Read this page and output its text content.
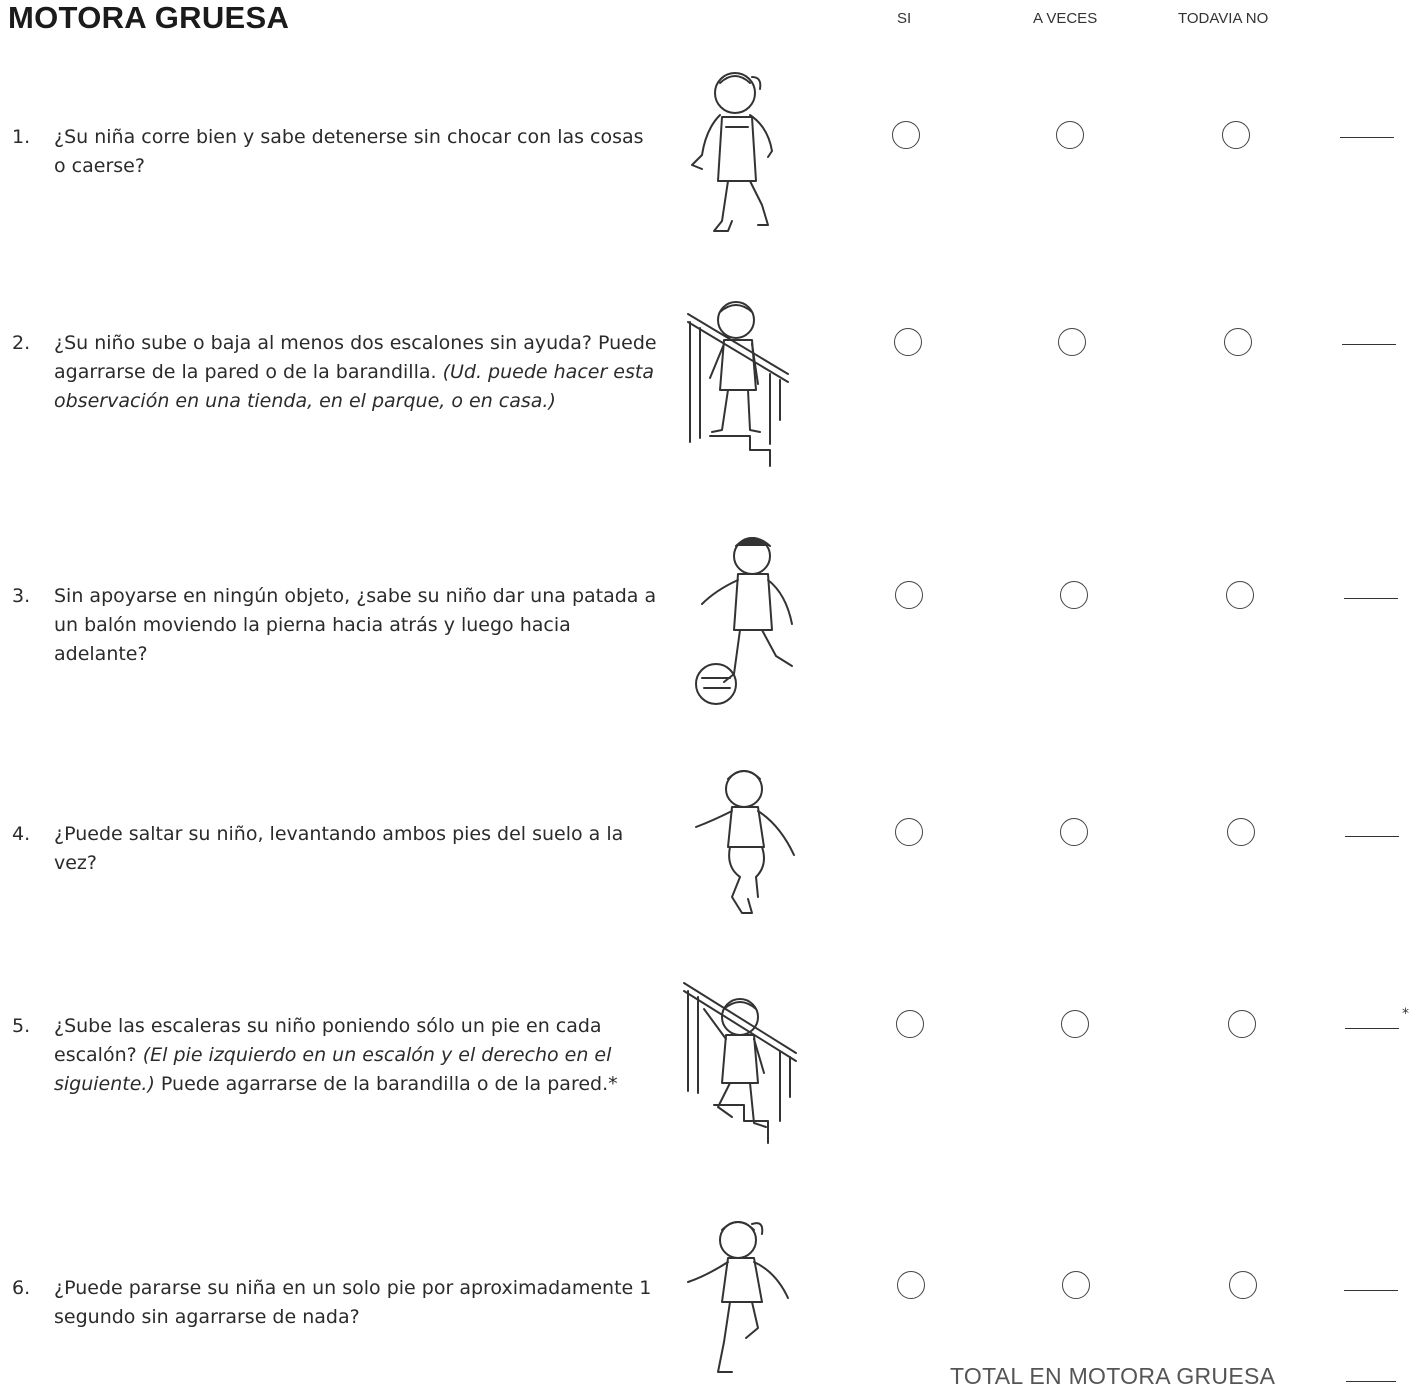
MOTORA GRUESA	SI	A VECES	TODAVIA NO
1. ¿Su niña corre bien y sabe detenerse sin chocar con las cosas o caerse?
2. ¿Su niño sube o baja al menos dos escalones sin ayuda? Puede agarrarse de la pared o de la barandilla. (Ud. puede hacer esta observación en una tienda, en el parque, o en casa.)
3. Sin apoyarse en ningún objeto, ¿sabe su niño dar una patada a un balón moviendo la pierna hacia atrás y luego hacia adelante?
4. ¿Puede saltar su niño, levantando ambos pies del suelo a la vez?
5. ¿Sube las escaleras su niño poniendo sólo un pie en cada escalón? (El pie izquierdo en un escalón y el derecho en el siguiente.) Puede agarrarse de la barandilla o de la pared.*
*
6. ¿Puede pararse su niña en un solo pie por aproximadamente 1 segundo sin agarrarse de nada?
TOTAL EN MOTORA GRUESA
